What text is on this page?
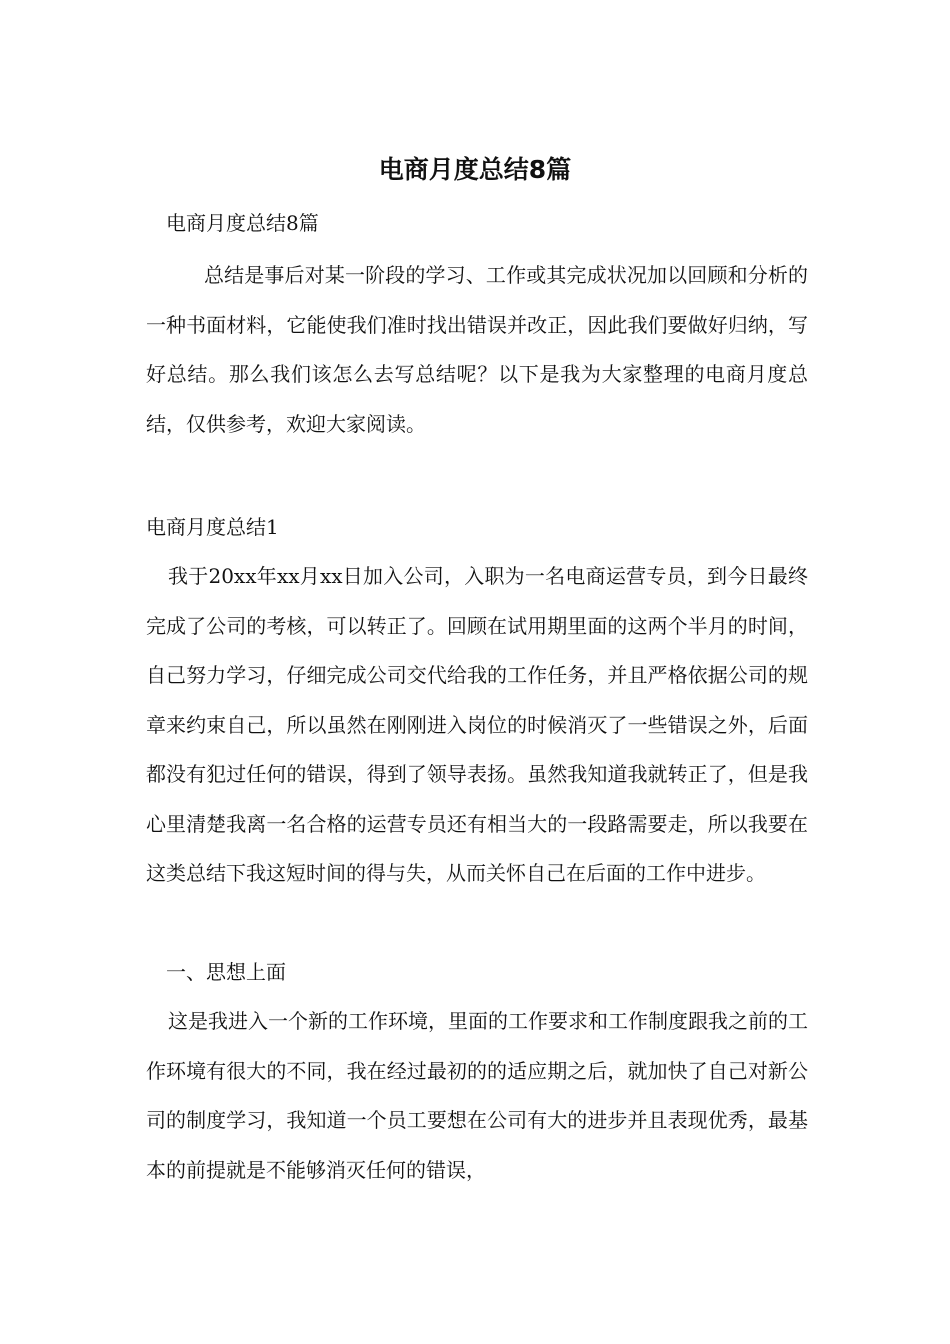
电商月度总结8篇

电商月度总结8篇

总结是事后对某一阶段的学习、工作或其完成状况加以回顾和分析的一种书面材料，它能使我们准时找出错误并改正，因此我们要做好归纳，写好总结。那么我们该怎么去写总结呢？以下是我为大家整理的电商月度总结，仅供参考，欢迎大家阅读。

电商月度总结1

我于20xx年xx月xx日加入公司，入职为一名电商运营专员，到今日最终完成了公司的考核，可以转正了。回顾在试用期里面的这两个半月的时间，自己努力学习，仔细完成公司交代给我的工作任务，并且严格依据公司的规章来约束自己，所以虽然在刚刚进入岗位的时候消灭了一些错误之外，后面都没有犯过任何的错误，得到了领导表扬。虽然我知道我就转正了，但是我心里清楚我离一名合格的运营专员还有相当大的一段路需要走，所以我要在这类总结下我这短时间的得与失，从而关怀自己在后面的工作中进步。

一、思想上面

这是我进入一个新的工作环境，里面的工作要求和工作制度跟我之前的工作环境有很大的不同，我在经过最初的的适应期之后，就加快了自己对新公司的制度学习，我知道一个员工要想在公司有大的进步并且表现优秀，最基本的前提就是不能够消灭任何的错误，
